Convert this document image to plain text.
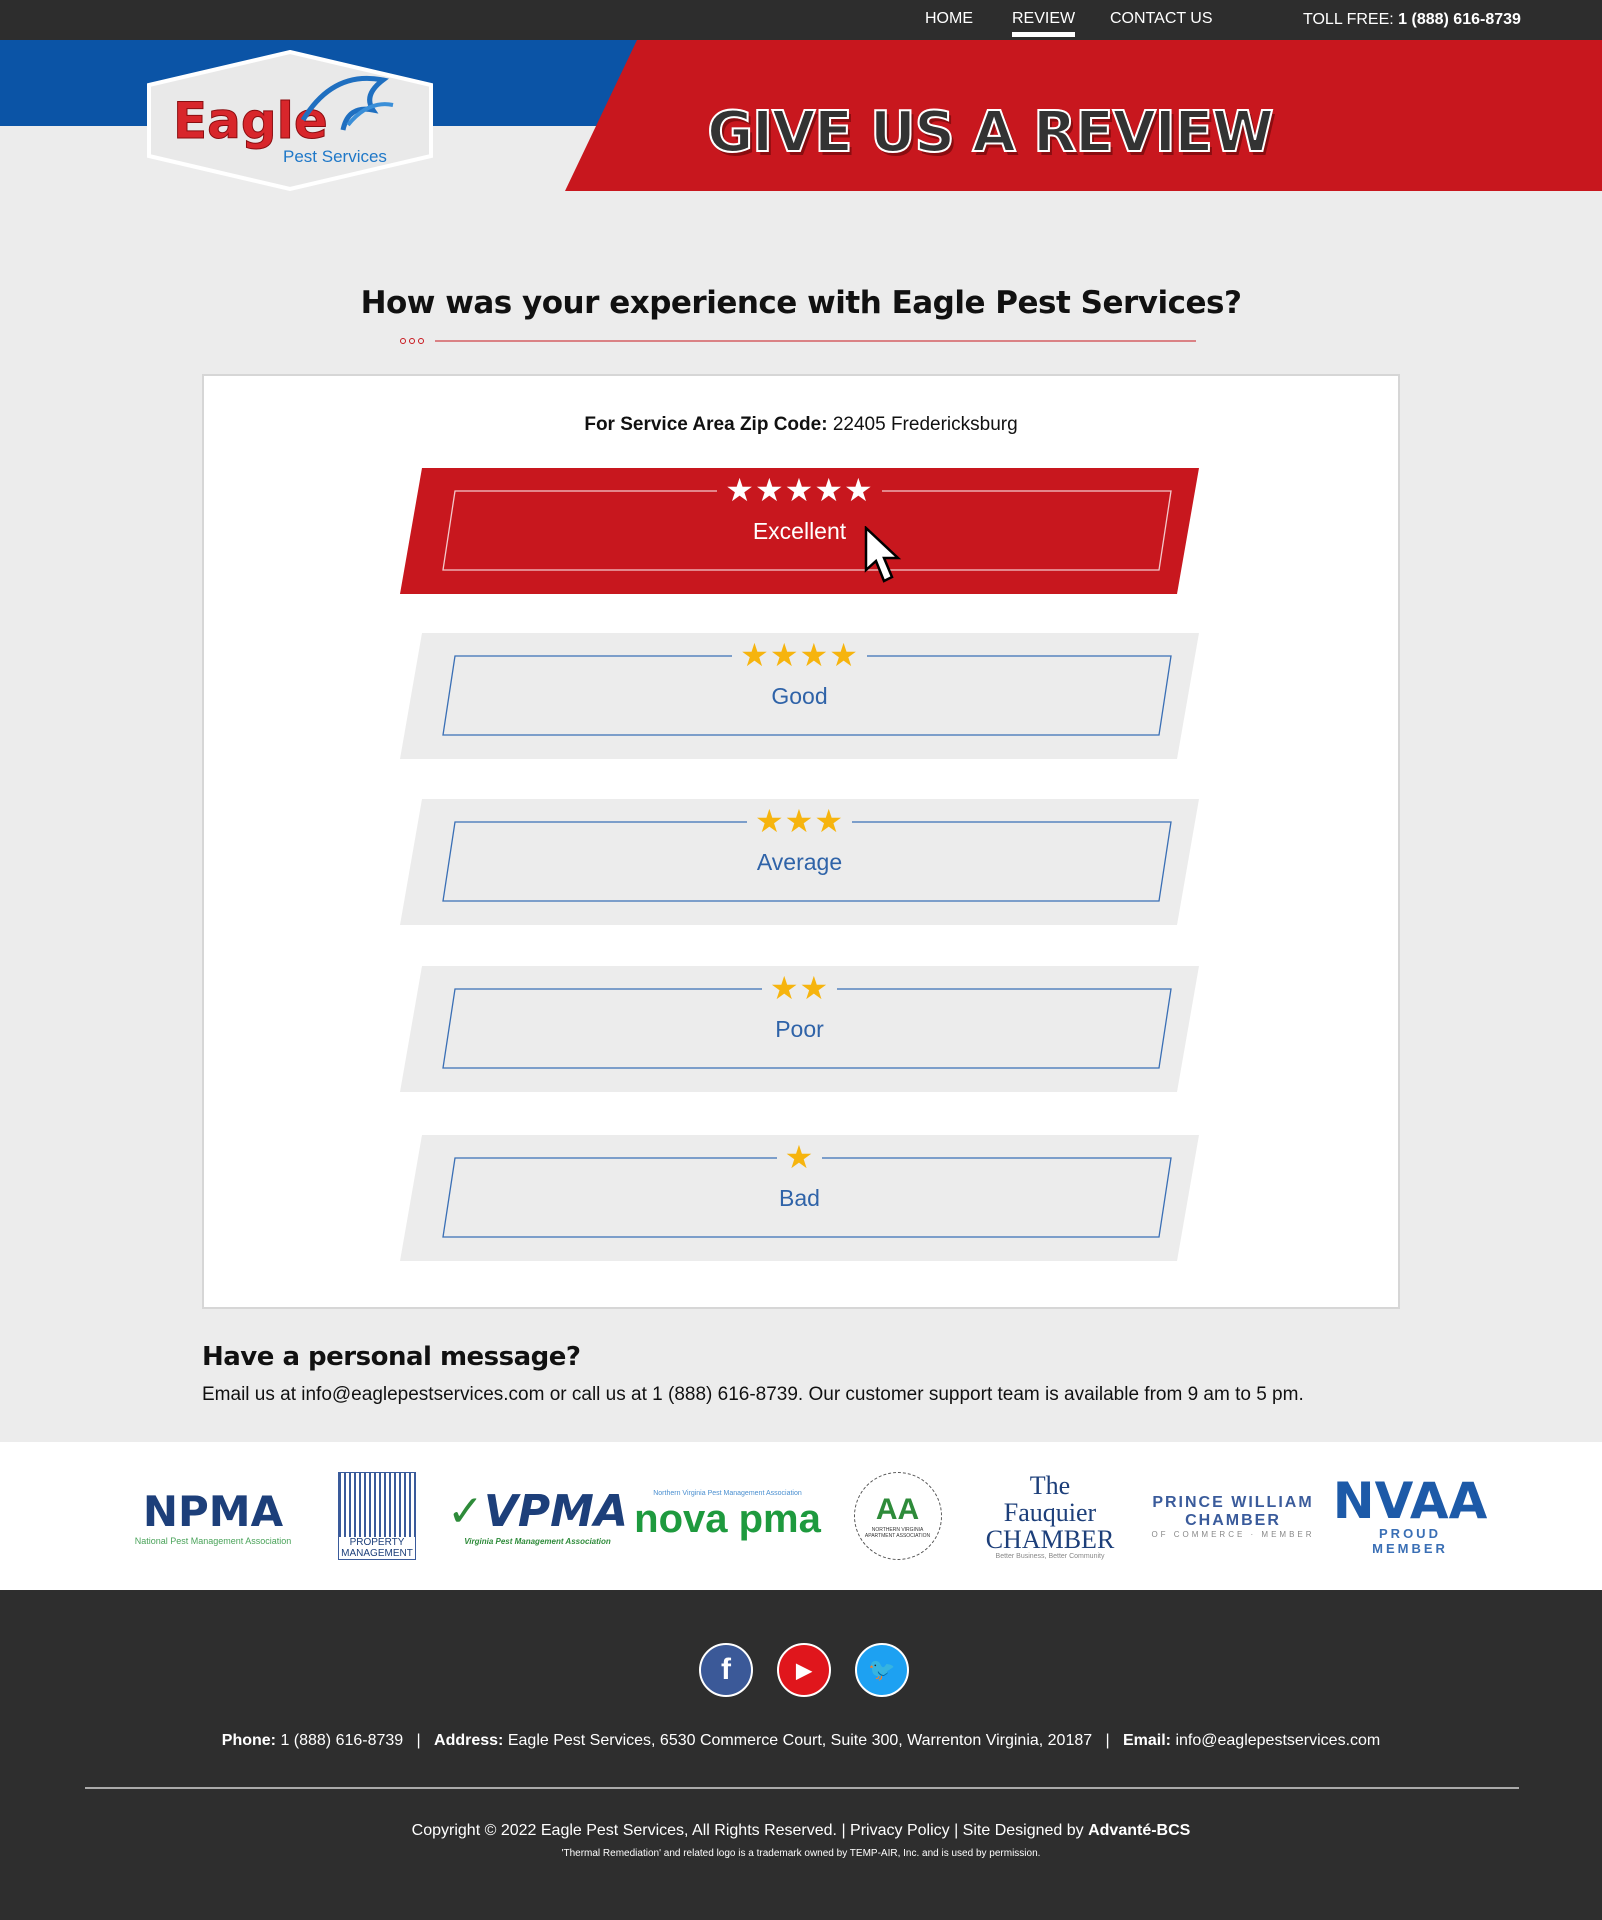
HOME REVIEW CONTACT US	TOLL FREE: 1 (888) 616-8739
Eagle
Pest Services	GIVE US A REVIEW
How was your experience with Eagle Pest Services?
For Service Area Zip Code: 22405 Fredericksburg
★★★★★
Excellent
★★★★
Good
★★★
Average
★★
Poor
★
Bad
Have a personal message?
Email us at info@eaglepestservices.com or call us at 1 (888) 616-8739. Our customer support team is available from 9 am to 5 pm.
NPMA
National Pest Management Association	PROPERTY MANAGEMENT
✓VPMA
Virginia Pest Management Association
Northern Virginia Pest Management Association
nova pma AA
NORTHERN VIRGINIA APARTMENT ASSOCIATION
The Fauquier CHAMBER
Better Business, Better Community
PRINCE WILLIAM CHAMBER
OF COMMERCE · MEMBER
NVAA
PROUD MEMBER
f	▶	🐦
Phone: 1 (888) 616-8739   |   Address: Eagle Pest Services, 6530 Commerce Court, Suite 300, Warrenton Virginia, 20187   |   Email: info@eaglepestservices.com
Copyright © 2022 Eagle Pest Services, All Rights Reserved. | Privacy Policy | Site Designed by Advanté-BCS
'Thermal Remediation' and related logo is a trademark owned by TEMP-AIR, Inc. and is used by permission.
